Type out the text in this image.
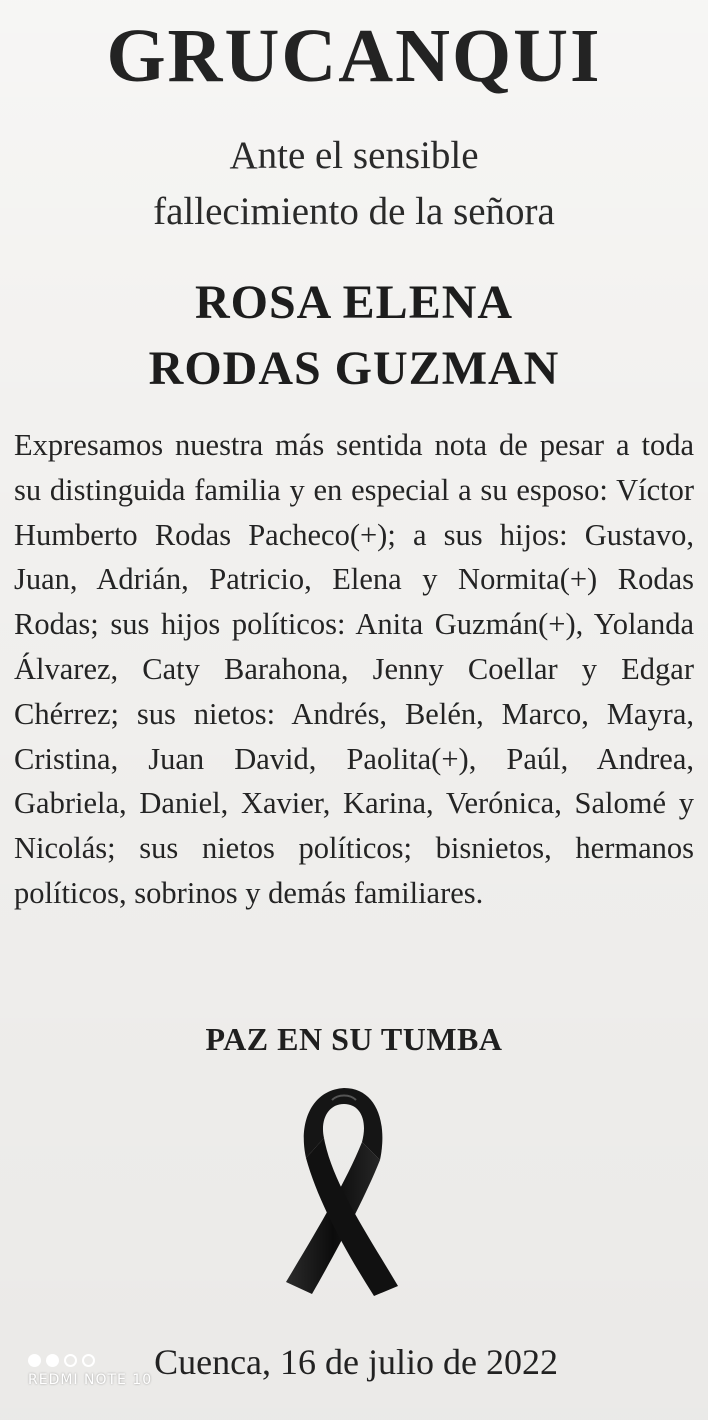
GRUCANQUI
Ante el sensible
fallecimiento de la señora
ROSA ELENA
RODAS GUZMAN
Expresamos nuestra más sentida nota de pesar a toda su distinguida familia y en especial a su esposo: Víctor Humberto Rodas Pacheco(+); a sus hijos: Gustavo, Juan, Adrián, Patricio, Elena y Normita(+) Rodas Rodas; sus hijos políticos: Anita Guzmán(+), Yolanda Álvarez, Caty Barahona, Jenny Coellar y Edgar Chérrez; sus nietos: Andrés, Belén, Marco, Mayra, Cristina, Juan David, Paolita(+), Paúl, Andrea, Gabriela, Daniel, Xavier, Karina, Verónica, Salomé y Nicolás; sus nietos políticos; bisnietos, hermanos políticos, sobrinos y demás familiares.
PAZ EN SU TUMBA
Cuenca, 16 de julio de 2022
REDMI NOTE 10
